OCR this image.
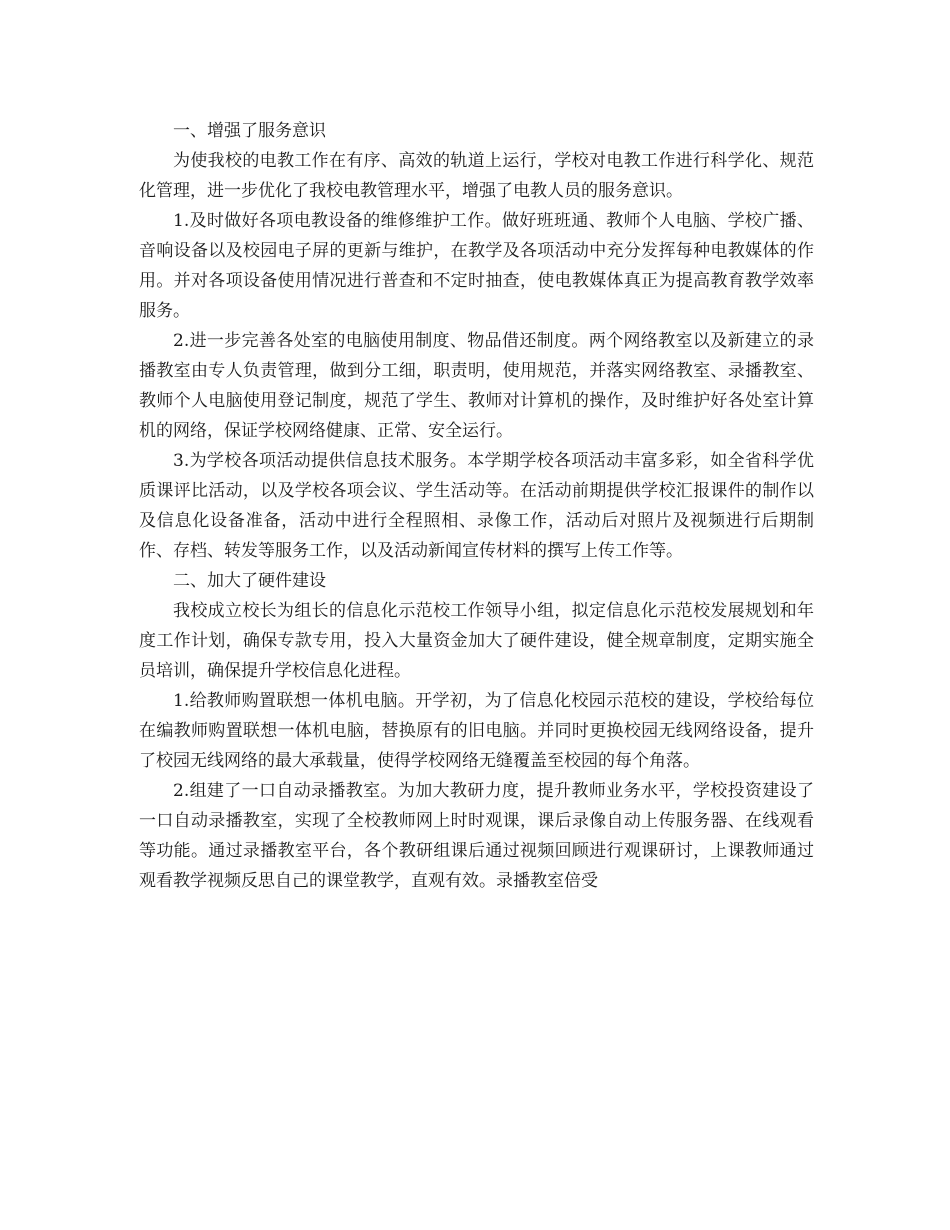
一、增强了服务意识

为使我校的电教工作在有序、高效的轨道上运行，学校对电教工作进行科学化、规范化管理，进一步优化了我校电教管理水平，增强了电教人员的服务意识。

1.及时做好各项电教设备的维修维护工作。做好班班通、教师个人电脑、学校广播、音响设备以及校园电子屏的更新与维护，在教学及各项活动中充分发挥每种电教媒体的作用。并对各项设备使用情况进行普查和不定时抽查，使电教媒体真正为提高教育教学效率服务。

2.进一步完善各处室的电脑使用制度、物品借还制度。两个网络教室以及新建立的录播教室由专人负责管理，做到分工细，职责明，使用规范，并落实网络教室、录播教室、教师个人电脑使用登记制度，规范了学生、教师对计算机的操作，及时维护好各处室计算机的网络，保证学校网络健康、正常、安全运行。

3.为学校各项活动提供信息技术服务。本学期学校各项活动丰富多彩，如全省科学优质课评比活动，以及学校各项会议、学生活动等。在活动前期提供学校汇报课件的制作以及信息化设备准备，活动中进行全程照相、录像工作，活动后对照片及视频进行后期制作、存档、转发等服务工作，以及活动新闻宣传材料的撰写上传工作等。

二、加大了硬件建设

我校成立校长为组长的信息化示范校工作领导小组，拟定信息化示范校发展规划和年度工作计划，确保专款专用，投入大量资金加大了硬件建设，健全规章制度，定期实施全员培训，确保提升学校信息化进程。

1.给教师购置联想一体机电脑。开学初，为了信息化校园示范校的建设，学校给每位在编教师购置联想一体机电脑，替换原有的旧电脑。并同时更换校园无线网络设备，提升了校园无线网络的最大承载量，使得学校网络无缝覆盖至校园的每个角落。

2.组建了一口自动录播教室。为加大教研力度，提升教师业务水平，学校投资建设了一口自动录播教室，实现了全校教师网上时时观课，课后录像自动上传服务器、在线观看等功能。通过录播教室平台，各个教研组课后通过视频回顾进行观课研讨，上课教师通过观看教学视频反思自己的课堂教学，直观有效。录播教室倍受
